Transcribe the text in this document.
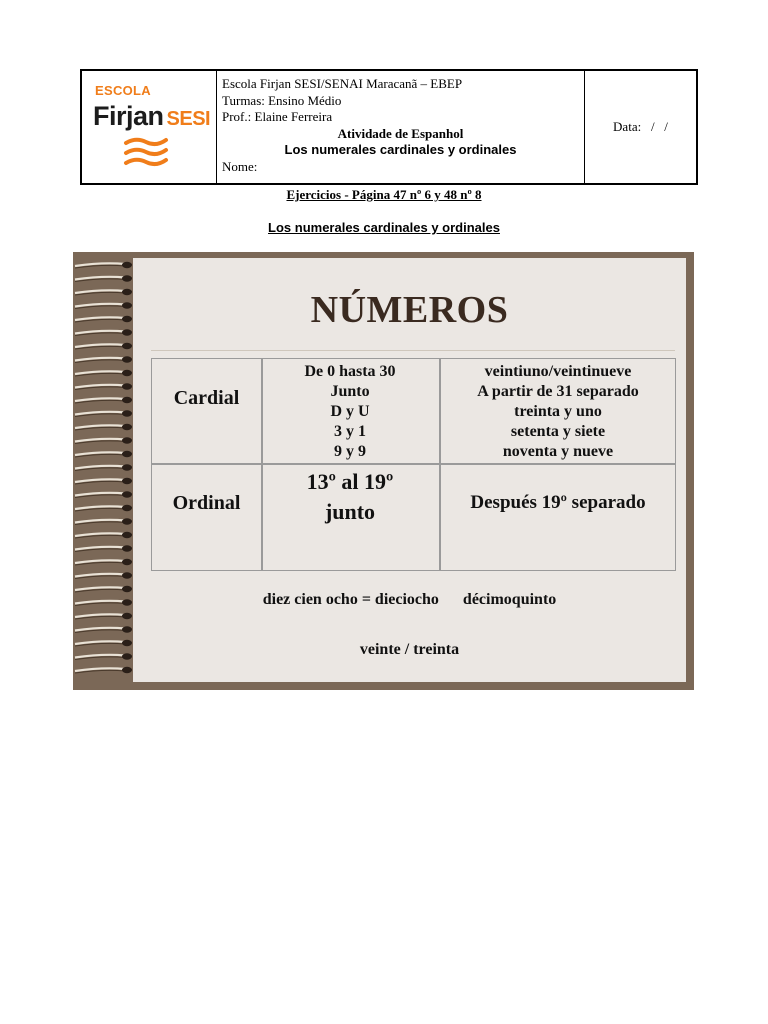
ESCOLA
Firjan SESI
Escola Firjan SESI/SENAI Maracanã – EBEP
Turmas: Ensino Médio
Prof.: Elaine Ferreira
Atividade de Espanhol
Los numerales cardinales y ordinales
Nome:
Data:   /   /
Ejercicios - Página 47 nº 6 y 48 nº 8
Los numerales cardinales y ordinales
NÚMEROS
Cardial
De 0 hasta 30
Junto
D y U
3 y 1
9 y 9
veintiuno/veintinueve
A partir de 31 separado
treinta y uno
setenta y siete
noventa y nueve
Ordinal
13º al 19º
junto	Después 19º separado
diez cien ocho = dieciocho      décimoquinto
veinte / treinta
